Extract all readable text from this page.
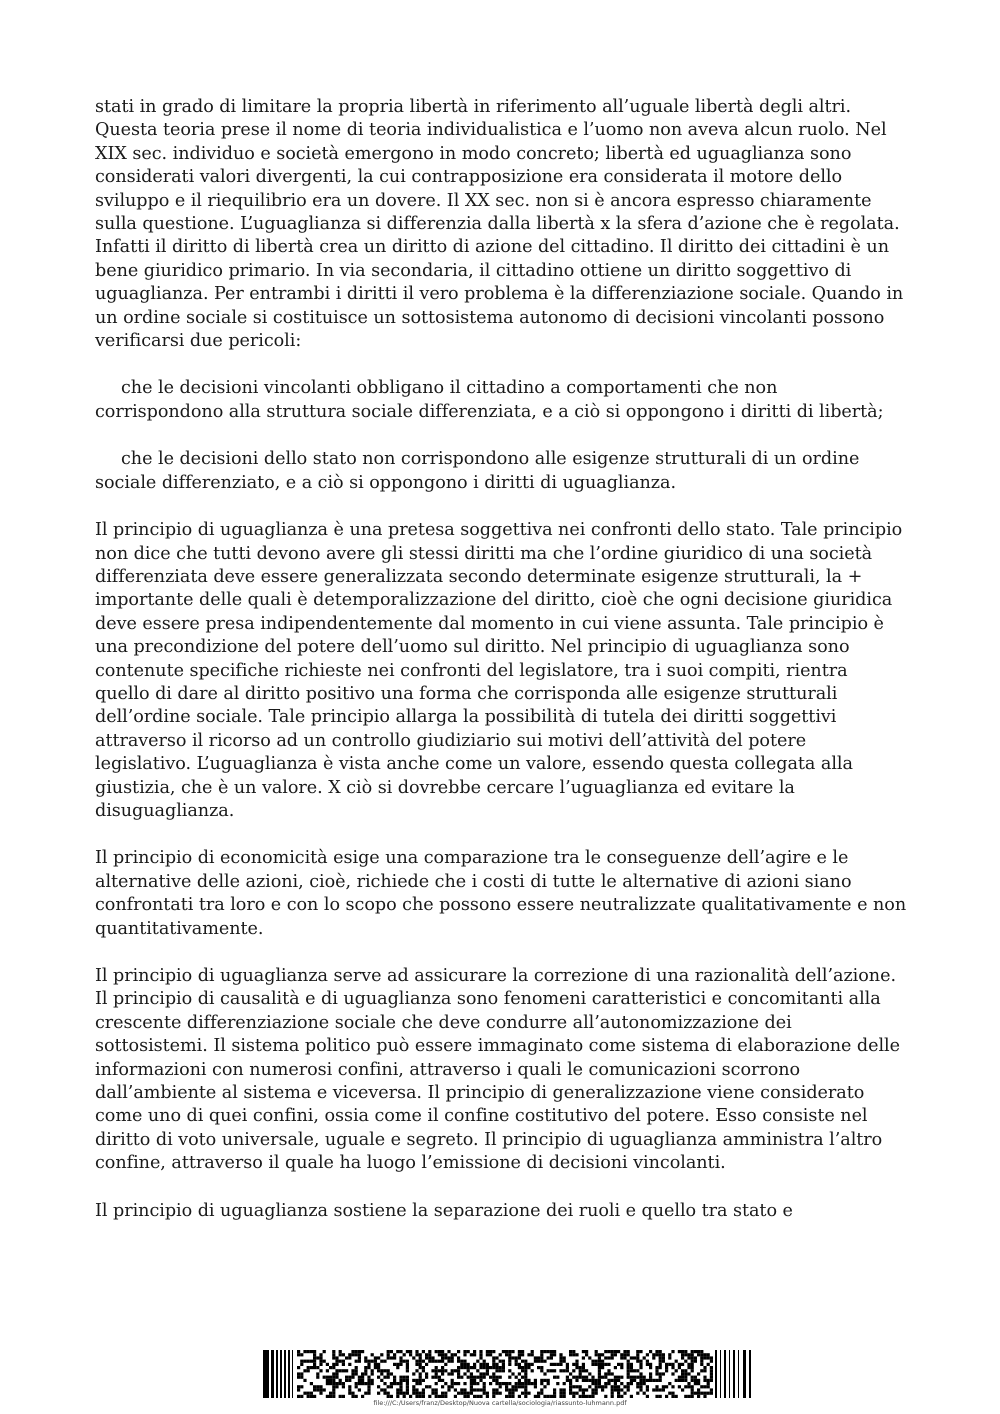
stati in grado di limitare la propria libertà in riferimento all’uguale libertà degli altri. Questa teoria prese il nome di teoria individualistica e l’uomo non aveva alcun ruolo. Nel XIX sec. individuo e società emergono in modo concreto; libertà ed uguaglianza sono considerati valori divergenti, la cui contrapposizione era considerata il motore dello sviluppo e il riequilibrio era un dovere. Il XX sec. non si è ancora espresso chiaramente sulla questione. L’uguaglianza si differenzia dalla libertà x la sfera d’azione che è regolata. Infatti il diritto di libertà crea un diritto di azione del cittadino. Il diritto dei cittadini è un bene giuridico primario. In via secondaria, il cittadino ottiene un diritto soggettivo di uguaglianza. Per entrambi i diritti il vero problema è la differenziazione sociale. Quando in un ordine sociale si costituisce un sottosistema autonomo di decisioni vincolanti possono verificarsi due pericoli:

che le decisioni vincolanti obbligano il cittadino a comportamenti che non corrispondono alla struttura sociale differenziata, e a ciò si oppongono i diritti di libertà;

che le decisioni dello stato non corrispondono alle esigenze strutturali di un ordine sociale differenziato, e a ciò si oppongono i diritti di uguaglianza.

Il principio di uguaglianza è una pretesa soggettiva nei confronti dello stato. Tale principio non dice che tutti devono avere gli stessi diritti ma che l’ordine giuridico di una società differenziata deve essere generalizzata secondo determinate esigenze strutturali, la + importante delle quali è detemporalizzazione del diritto, cioè che ogni decisione giuridica deve essere presa indipendentemente dal momento in cui viene assunta. Tale principio è una precondizione del potere dell’uomo sul diritto. Nel principio di uguaglianza sono contenute specifiche richieste nei confronti del legislatore, tra i suoi compiti, rientra quello di dare al diritto positivo una forma che corrisponda alle esigenze strutturali dell’ordine sociale. Tale principio allarga la possibilità di tutela dei diritti soggettivi attraverso il ricorso ad un controllo giudiziario sui motivi dell’attività del potere legislativo. L’uguaglianza è vista anche come un valore, essendo questa collegata alla giustizia, che è un valore. X ciò si dovrebbe cercare l’uguaglianza ed evitare la disuguaglianza.

Il principio di economicità esige una comparazione tra le conseguenze dell’agire e le alternative delle azioni, cioè, richiede che i costi di tutte le alternative di azioni siano confrontati tra loro e con lo scopo che possono essere neutralizzate qualitativamente e non quantitativamente.

Il principio di uguaglianza serve ad assicurare la correzione di una razionalità dell’azione. Il principio di causalità e di uguaglianza sono fenomeni caratteristici e concomitanti alla crescente differenziazione sociale che deve condurre all’autonomizzazione dei sottosistemi. Il sistema politico può essere immaginato come sistema di elaborazione delle informazioni con numerosi confini, attraverso i quali le comunicazioni scorrono dall’ambiente al sistema e viceversa. Il principio di generalizzazione viene considerato come uno di quei confini, ossia come il confine costitutivo del potere. Esso consiste nel diritto di voto universale, uguale e segreto. Il principio di uguaglianza amministra l’altro confine, attraverso il quale ha luogo l’emissione di decisioni vincolanti.

Il principio di uguaglianza sostiene la separazione dei ruoli e quello tra stato e

file:///C:/Users/franz/Desktop/Nuova cartella/sociologia/riassunto-luhmann.pdf
